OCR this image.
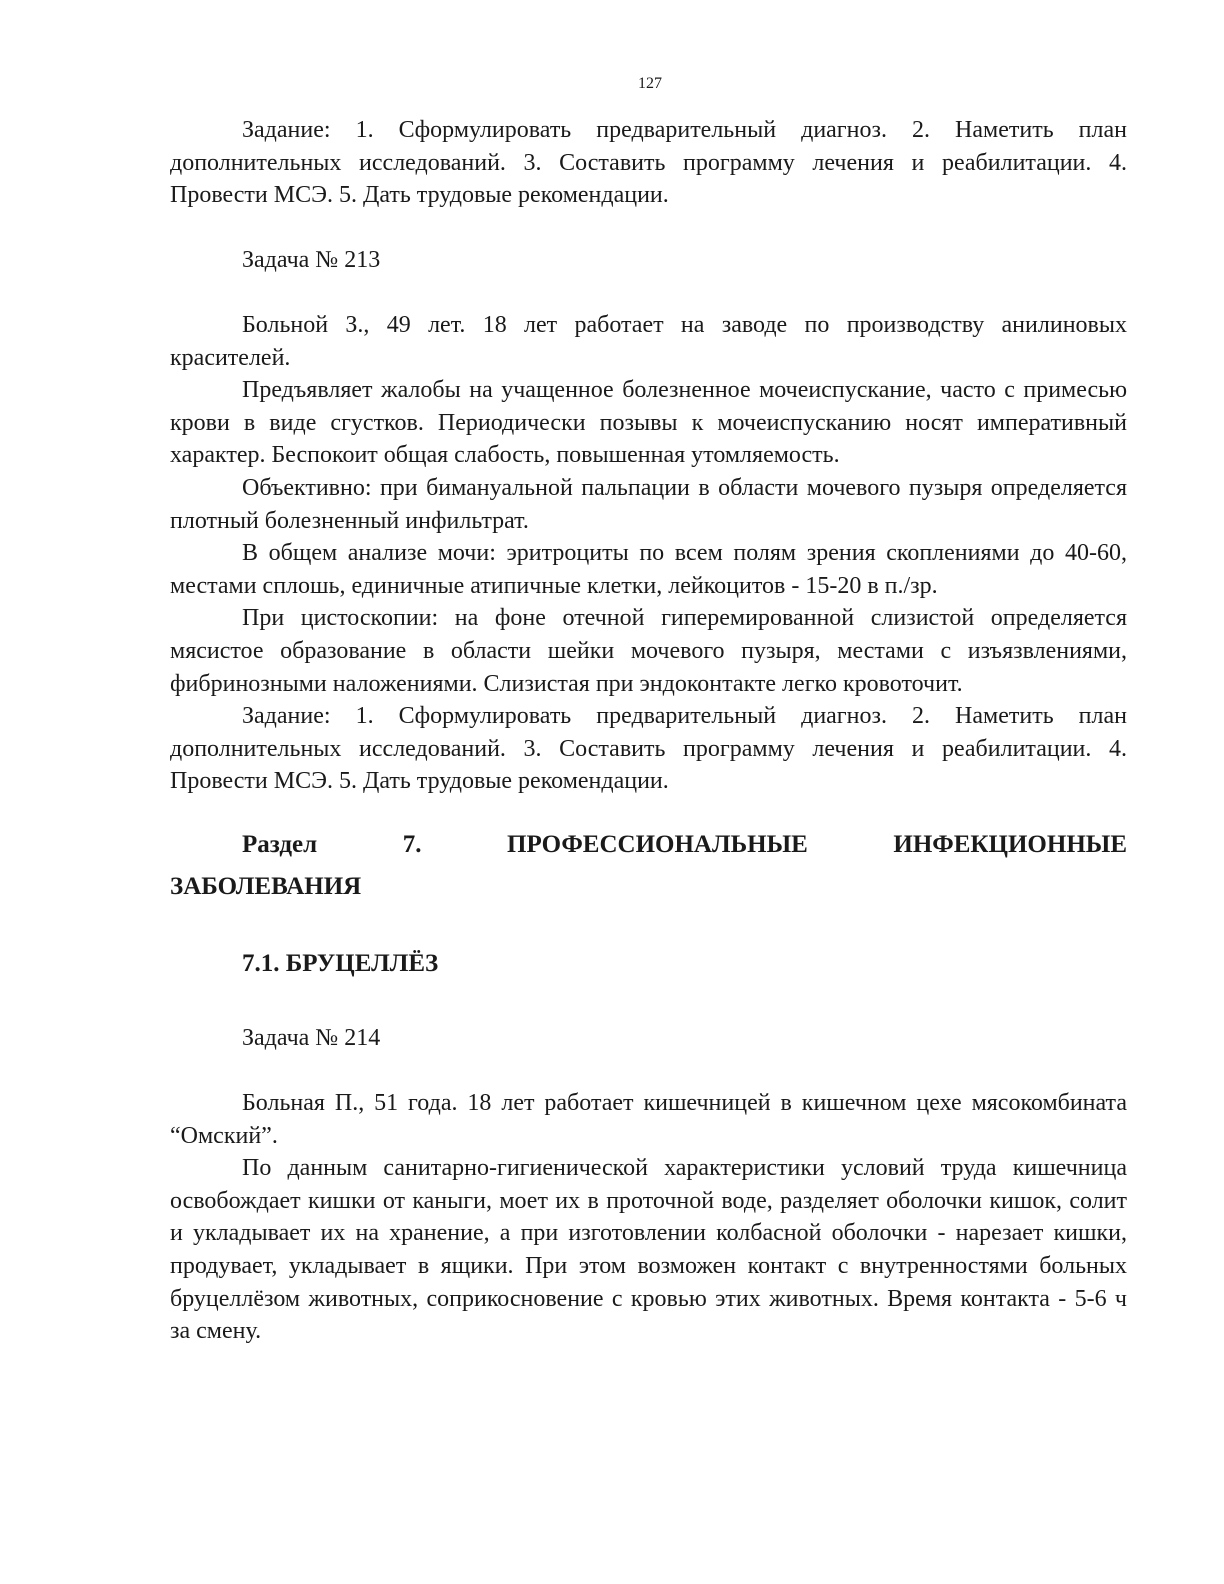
127

Задание: 1. Сформулировать предварительный диагноз. 2. Наметить план дополнительных исследований. 3. Составить программу лечения и реабилитации. 4. Провести МСЭ. 5. Дать трудовые рекомендации.

Задача № 213

Больной З., 49 лет. 18 лет работает на заводе по производству анилиновых красителей.

Предъявляет жалобы на учащенное болезненное мочеиспускание, часто с примесью крови в виде сгустков. Периодически позывы к мочеиспусканию носят императивный характер. Беспокоит общая слабость, повышенная утомляемость.

Объективно: при бимануальной пальпации в области мочевого пузыря определяется плотный болезненный инфильтрат.

В общем анализе мочи: эритроциты по всем полям зрения скоплениями до 40-60, местами сплошь, единичные атипичные клетки, лейкоцитов - 15-20 в п./зр.

При цистоскопии: на фоне отечной гиперемированной слизистой определяется мясистое образование в области шейки мочевого пузыря, местами с изъязвлениями, фибринозными наложениями. Слизистая при эндоконтакте легко кровоточит.

Задание: 1. Сформулировать предварительный диагноз. 2. Наметить план дополнительных исследований. 3. Составить программу лечения и реабилитации. 4. Провести МСЭ. 5. Дать трудовые рекомендации.

Раздел	7.	ПРОФЕССИОНАЛЬНЫЕ	ИНФЕКЦИОННЫЕ
ЗАБОЛЕВАНИЯ

7.1. БРУЦЕЛЛЁЗ

Задача № 214

Больная П., 51 года. 18 лет работает кишечницей в кишечном цехе мясокомбината “Омский”.

По данным санитарно-гигиенической характеристики условий труда кишечница освобождает кишки от каныги, моет их в проточной воде, разделяет оболочки кишок, солит и укладывает их на хранение, а при изготовлении колбасной оболочки - нарезает кишки, продувает, укладывает в ящики. При этом возможен контакт с внутренностями больных бруцеллёзом животных, соприкосновение с кровью этих животных. Время контакта - 5-6 ч за смену.
